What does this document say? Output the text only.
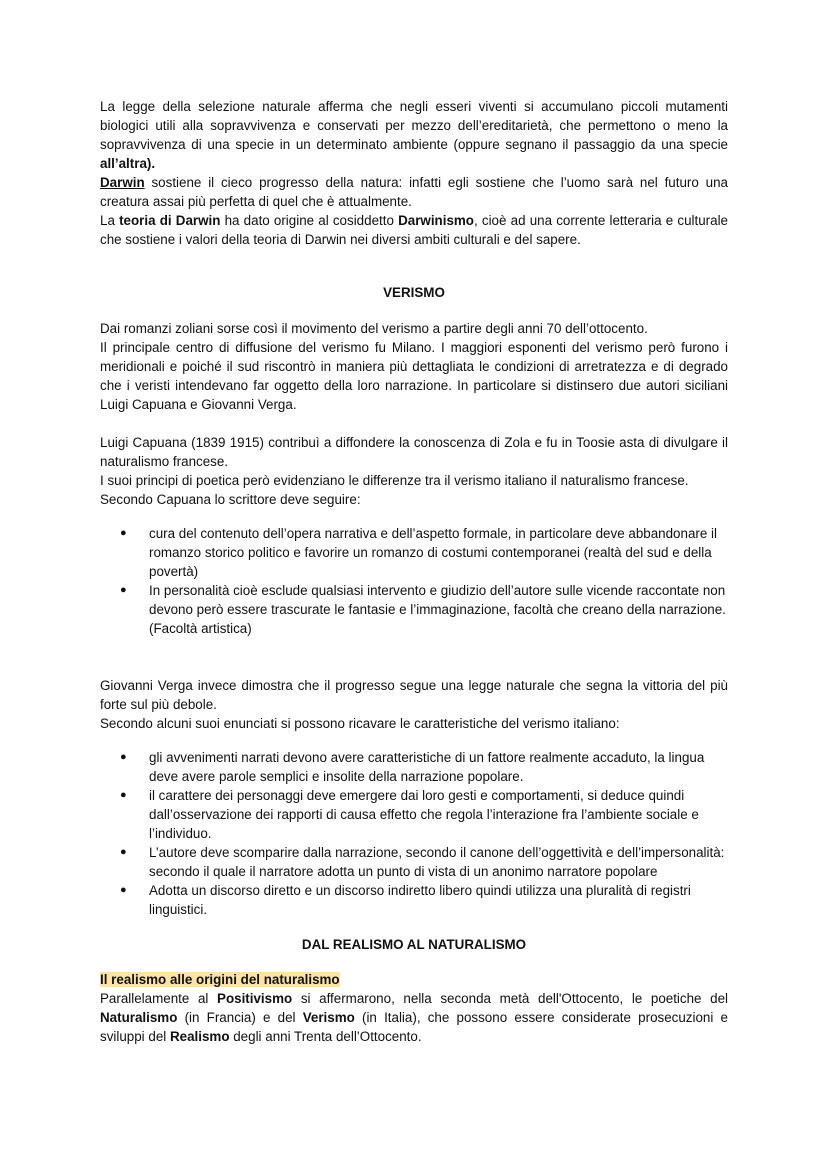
La legge della selezione naturale afferma che negli esseri viventi si accumulano piccoli mutamenti biologici utili alla sopravvivenza e conservati per mezzo dell’ereditarietà, che permettono o meno la sopravvivenza di una specie in un determinato ambiente (oppure segnano il passaggio da una specie all’altra).

Darwin sostiene il cieco progresso della natura: infatti egli sostiene che l’uomo sarà nel futuro una creatura assai più perfetta di quel che è attualmente.

La teoria di Darwin ha dato origine al cosiddetto Darwinismo, cioè ad una corrente letteraria e culturale che sostiene i valori della teoria di Darwin nei diversi ambiti culturali e del sapere.

VERISMO

Dai romanzi zoliani sorse così il movimento del verismo a partire degli anni 70 dell’ottocento.

Il principale centro di diffusione del verismo fu Milano. I maggiori esponenti del verismo però furono i meridionali e poiché il sud riscontrò in maniera più dettagliata le condizioni di arretratezza e di degrado che i veristi intendevano far oggetto della loro narrazione. In particolare si distinsero due autori siciliani Luigi Capuana e Giovanni Verga.

Luigi Capuana (1839 1915) contribuì a diffondere la conoscenza di Zola e fu in Toosie asta di divulgare il naturalismo francese.

I suoi principi di poetica però evidenziano le differenze tra il verismo italiano il naturalismo francese.

Secondo Capuana lo scrittore deve seguire:

● cura del contenuto dell’opera narrativa e dell’aspetto formale, in particolare deve abbandonare il romanzo storico politico e favorire un romanzo di costumi contemporanei (realtà del sud e della povertà)
● In personalità cioè esclude qualsiasi intervento e giudizio dell’autore sulle vicende raccontate non devono però essere trascurate le fantasie e l’immaginazione, facoltà che creano della narrazione. (Facoltà artistica)

Giovanni Verga invece dimostra che il progresso segue una legge naturale che segna la vittoria del più forte sul più debole.

Secondo alcuni suoi enunciati si possono ricavare le caratteristiche del verismo italiano:

● gli avvenimenti narrati devono avere caratteristiche di un fattore realmente accaduto, la lingua deve avere parole semplici e insolite della narrazione popolare.
● il carattere dei personaggi deve emergere dai loro gesti e comportamenti, si deduce quindi dall’osservazione dei rapporti di causa effetto che regola l’interazione fra l’ambiente sociale e l’individuo.
● L’autore deve scomparire dalla narrazione, secondo il canone dell’oggettività e dell’impersonalità: secondo il quale il narratore adotta un punto di vista di un anonimo narratore popolare
● Adotta un discorso diretto e un discorso indiretto libero quindi utilizza una pluralità di registri linguistici.

DAL REALISMO AL NATURALISMO

Il realismo alle origini del naturalismo

Parallelamente al Positivismo si affermarono, nella seconda metà dell'Ottocento, le poetiche del Naturalismo (in Francia) e del Verismo (in Italia), che possono essere considerate prosecuzioni e sviluppi del Realismo degli anni Trenta dell’Ottocento.
